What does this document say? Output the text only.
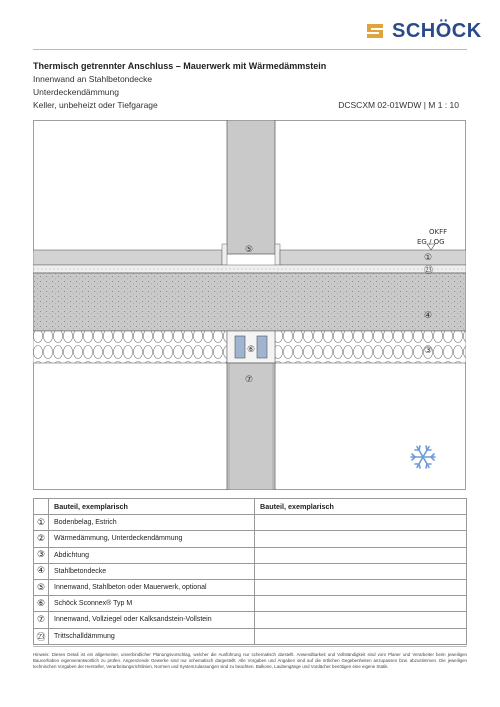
SCHÖCK
Thermisch getrennter Anschluss – Mauerwerk mit Wärmedämmstein
Innenwand an Stahlbetondecke
Unterdeckendämmung
Keller, unbeheizt oder Tiefgarage	DCSCXM 02-01WDW | M 1 : 10
OKFF
EG / OG
⑤
①
㉓
④
⑥	③
⑦
	Bauteil, exemplarisch	Bauteil, exemplarisch
①	Bodenbelag, Estrich	
②	Wärmedämmung, Unterdeckendämmung	
③	Abdichtung	
④	Stahlbetondecke	
⑤	Innenwand, Stahlbeton oder Mauerwerk, optional	
⑥	Schöck Sconnex® Typ M	
⑦	Innenwand, Vollziegel oder Kalksandstein-Vollstein	
㉓	Trittschalldämmung	
Hinweis: Dieses Detail ist ein allgemeiner, unverbindlicher Planungsvorschlag, welcher die Ausführung nur schematisch darstellt. Anwendbarkeit und Vollständigkeit sind vom Planer und Verarbeiter beim jeweiligen Bauvorhaben eigenverantwortlich zu prüfen. Angrenzende Gewerke sind nur schematisch dargestellt. Alle Vorgaben und Angaben sind auf die örtlichen Gegebenheiten anzupassen bzw. abzustimmen. Die jeweiligen technischen Vorgaben der Hersteller, Verarbeitungsrichtlinien, Normen und Systemzulassungen sind zu beachten. Balkone, Laubengänge und Vordächer benötigen eine eigene Statik.
